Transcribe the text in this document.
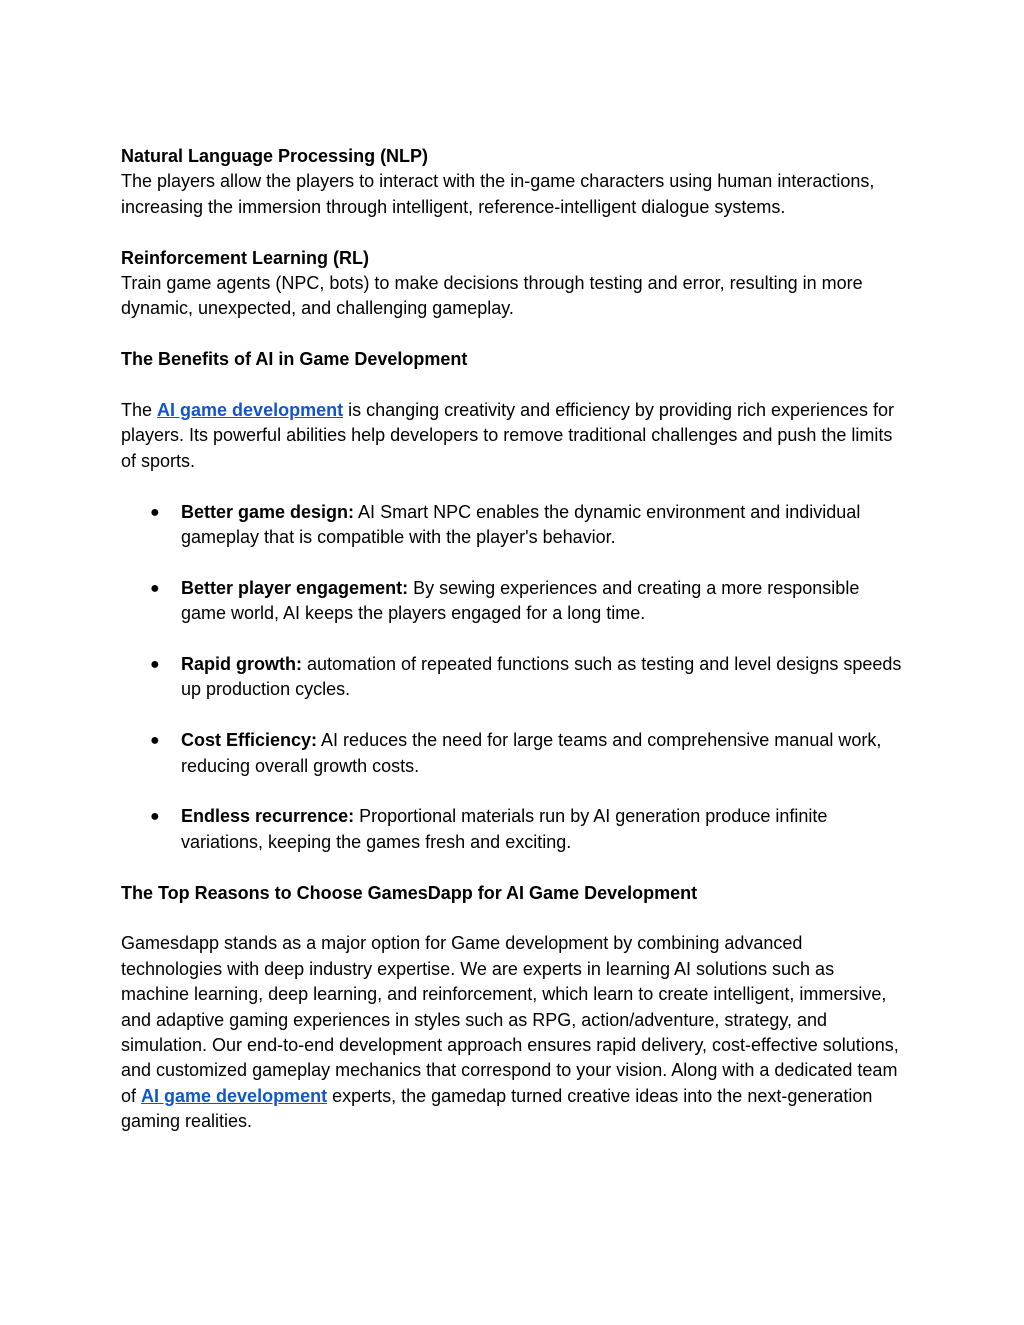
Natural Language Processing (NLP)

The players allow the players to interact with the in-game characters using human interactions, increasing the immersion through intelligent, reference-intelligent dialogue systems.

Reinforcement Learning (RL)

Train game agents (NPC, bots) to make decisions through testing and error, resulting in more dynamic, unexpected, and challenging gameplay.

The Benefits of AI in Game Development

The AI game development is changing creativity and efficiency by providing rich experiences for players. Its powerful abilities help developers to remove traditional challenges and push the limits of sports.

● Better game design: AI Smart NPC enables the dynamic environment and individual gameplay that is compatible with the player's behavior.
● Better player engagement: By sewing experiences and creating a more responsible game world, AI keeps the players engaged for a long time.
● Rapid growth: automation of repeated functions such as testing and level designs speeds up production cycles.
● Cost Efficiency: AI reduces the need for large teams and comprehensive manual work, reducing overall growth costs.
● Endless recurrence: Proportional materials run by AI generation produce infinite variations, keeping the games fresh and exciting.

The Top Reasons to Choose GamesDapp for AI Game Development

Gamesdapp stands as a major option for Game development by combining advanced technologies with deep industry expertise. We are experts in learning AI solutions such as machine learning, deep learning, and reinforcement, which learn to create intelligent, immersive, and adaptive gaming experiences in styles such as RPG, action/adventure, strategy, and simulation. Our end-to-end development approach ensures rapid delivery, cost-effective solutions, and customized gameplay mechanics that correspond to your vision. Along with a dedicated team of AI game development experts, the gamedap turned creative ideas into the next-generation gaming realities.
